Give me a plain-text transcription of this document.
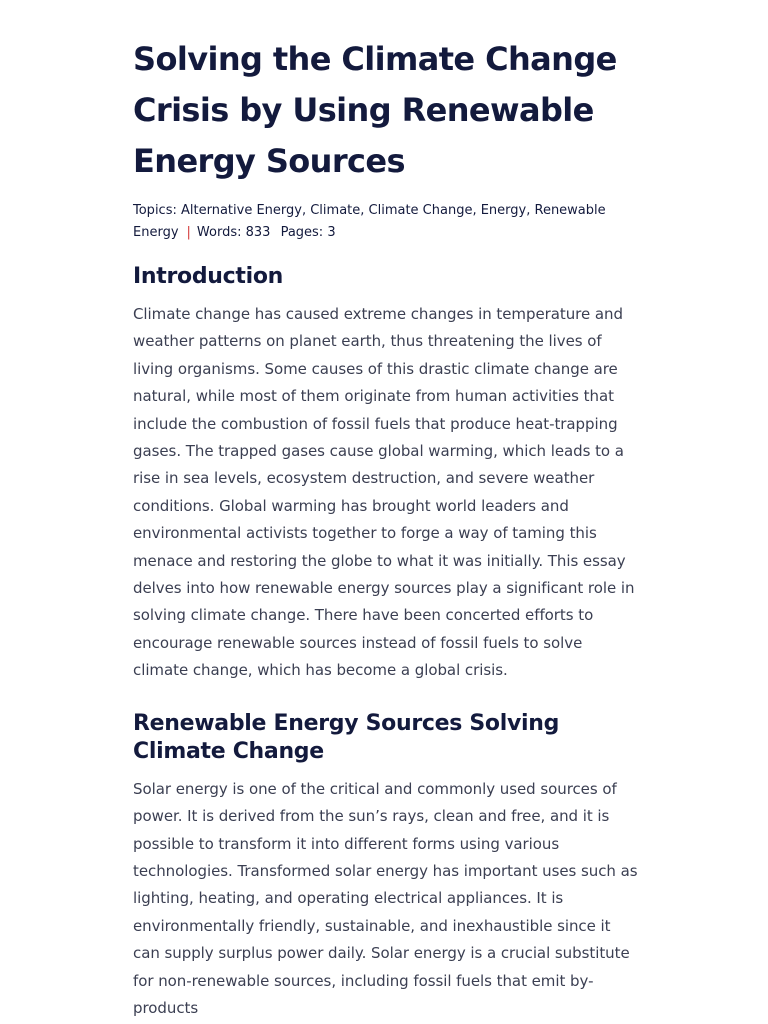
Solving the Climate Change Crisis by Using Renewable Energy Sources
Topics: Alternative Energy, Climate, Climate Change, Energy, Renewable Energy | Words: 833 Pages: 3
Introduction

Climate change has caused extreme changes in temperature and weather patterns on planet earth, thus threatening the lives of living organisms. Some causes of this drastic climate change are natural, while most of them originate from human activities that include the combustion of fossil fuels that produce heat-trapping gases. The trapped gases cause global warming, which leads to a rise in sea levels, ecosystem destruction, and severe weather conditions. Global warming has brought world leaders and environmental activists together to forge a way of taming this menace and restoring the globe to what it was initially. This essay delves into how renewable energy sources play a significant role in solving climate change. There have been concerted efforts to encourage renewable sources instead of fossil fuels to solve climate change, which has become a global crisis.

Renewable Energy Sources Solving Climate Change

Solar energy is one of the critical and commonly used sources of power. It is derived from the sun’s rays, clean and free, and it is possible to transform it into different forms using various technologies. Transformed solar energy has important uses such as lighting, heating, and operating electrical appliances. It is environmentally friendly, sustainable, and inexhaustible since it can supply surplus power daily. Solar energy is a crucial substitute for non-renewable sources, including fossil fuels that emit by-products
